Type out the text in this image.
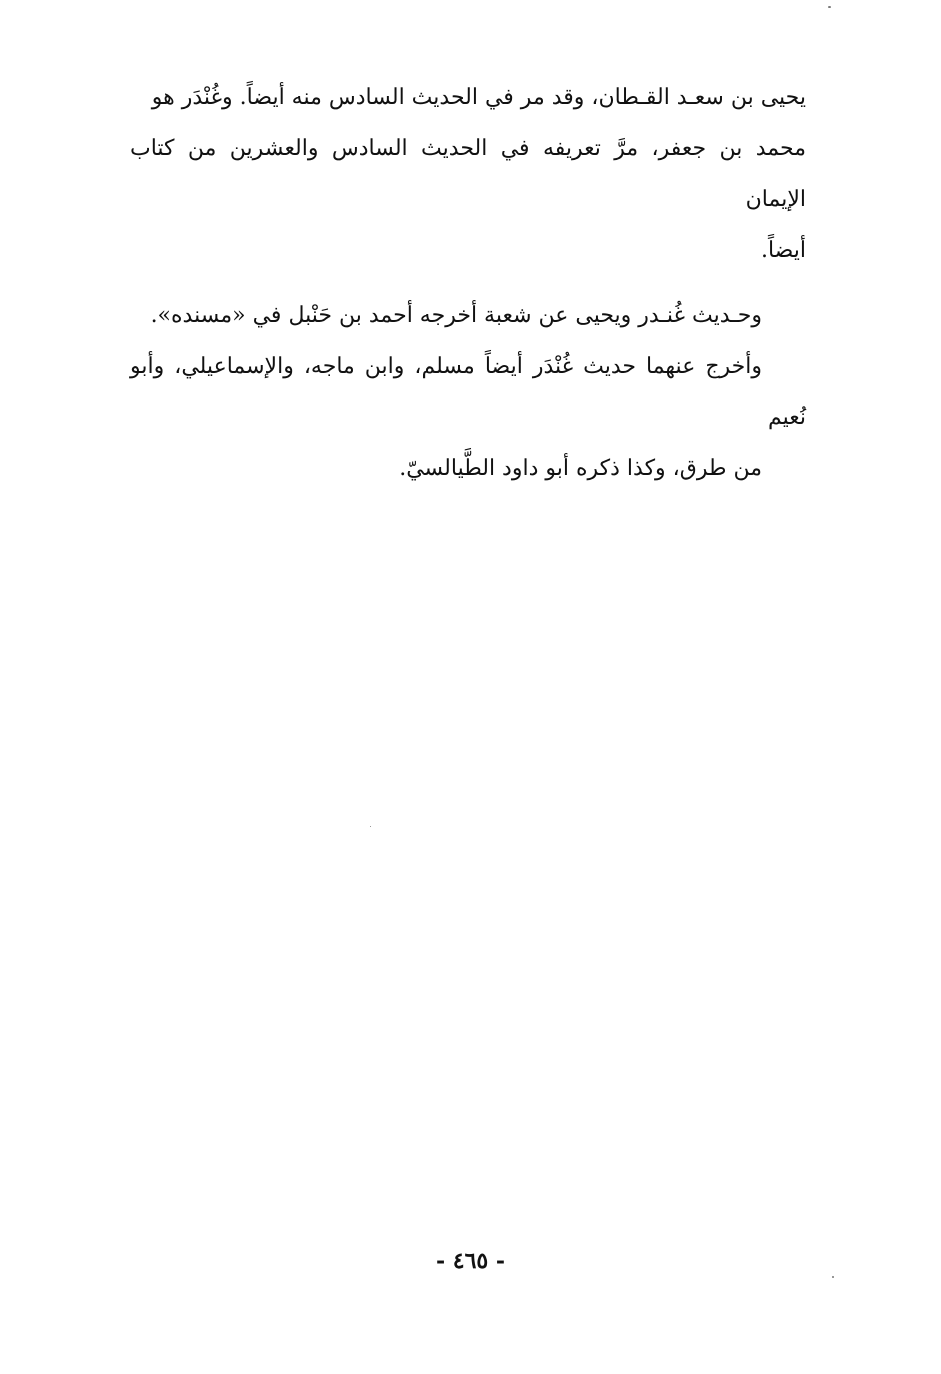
يحيى بن سعـد القـطان، وقد مر في الحديث السادس منه أيضاً. وغُنْدَر هو
محمد بن جعفر، مرَّ تعريفه في الحديث السادس والعشرين من كتاب الإيمان
أيضاً.

وحـديث غُنـدر ويحيى عن شعبة أخرجه أحمد بن حَنْبل في «مسنده».
وأخرج عنهما حديث غُنْدَر أيضاً مسلم، وابن ماجه، والإسماعيلي، وأبو نُعيم
من طرق، وكذا ذكره أبو داود الطَّيالسيّ.

- ٤٦٥ -
